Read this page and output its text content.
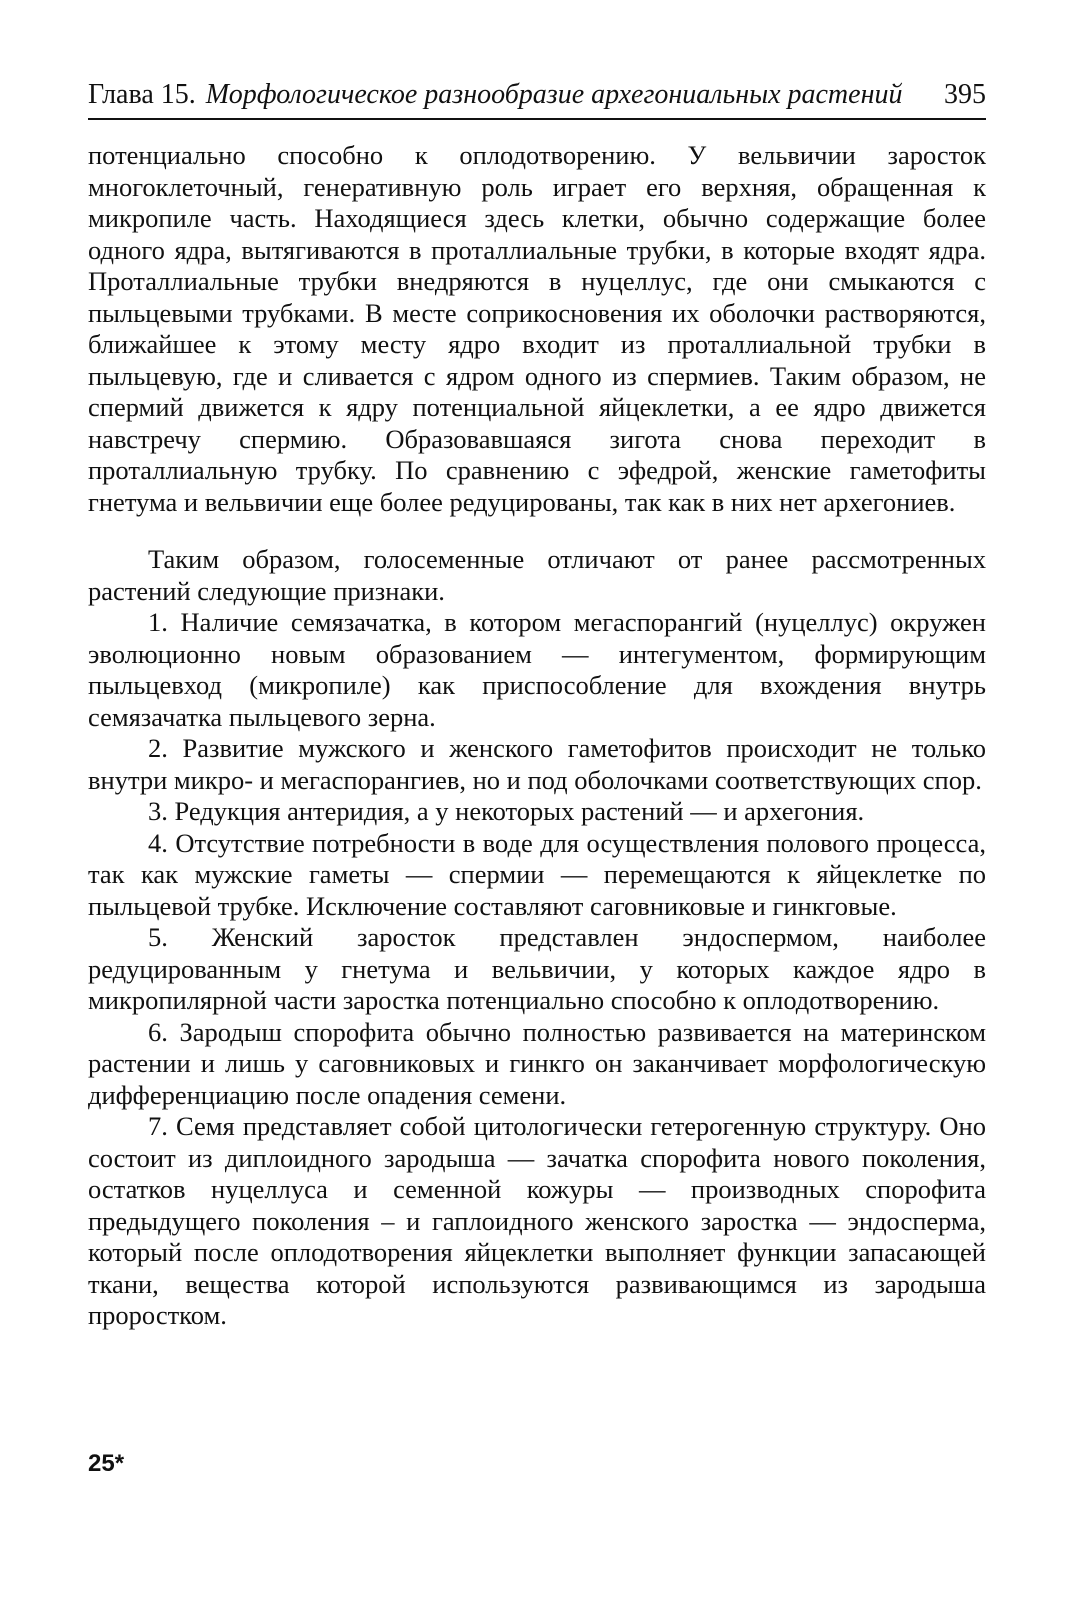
Глава 15. Морфологическое разнообразие архегониальных растений 395

потенциально способно к оплодотворению. У вельвичии заросток многоклеточный, генеративную роль играет его верхняя, обращенная к микропиле часть. Находящиеся здесь клетки, обычно содержащие более одного ядра, вытягиваются в проталлиальные трубки, в которые входят ядра. Проталлиальные трубки внедряются в нуцеллус, где они смыкаются с пыльцевыми трубками. В месте соприкосновения их оболочки растворяются, ближайшее к этому месту ядро входит из проталлиальной трубки в пыльцевую, где и сливается с ядром одного из спермиев. Таким образом, не спермий движется к ядру потенциальной яйцеклетки, а ее ядро движется навстречу спермию. Образовавшаяся зигота снова переходит в проталлиальную трубку. По сравнению с эфедрой, женские гаметофиты гнетума и вельвичии еще более редуцированы, так как в них нет архегониев.

Таким образом, голосеменные отличают от ранее рассмотренных растений следующие признаки.

1. Наличие семязачатка, в котором мегаспорангий (нуцеллус) окружен эволюционно новым образованием — интегументом, формирующим пыльцевход (микропиле) как приспособление для вхождения внутрь семязачатка пыльцевого зерна.

2. Развитие мужского и женского гаметофитов происходит не только внутри микро- и мегаспорангиев, но и под оболочками соответствующих спор.

3. Редукция антеридия, а у некоторых растений — и архегония.

4. Отсутствие потребности в воде для осуществления полового процесса, так как мужские гаметы — спермии — перемещаются к яйцеклетке по пыльцевой трубке. Исключение составляют саговниковые и гинкговые.

5. Женский заросток представлен эндоспермом, наиболее редуцированным у гнетума и вельвичии, у которых каждое ядро в микропилярной части заростка потенциально способно к оплодотворению.

6. Зародыш спорофита обычно полностью развивается на материнском растении и лишь у саговниковых и гинкго он заканчивает морфологическую дифференциацию после опадения семени.

7. Семя представляет собой цитологически гетерогенную структуру. Оно состоит из диплоидного зародыша — зачатка спорофита нового поколения, остатков нуцеллуса и семенной кожуры — производных спорофита предыдущего поколения – и гаплоидного женского заростка — эндосперма, который после оплодотворения яйцеклетки выполняет функции запасающей ткани, вещества которой используются развивающимся из зародыша проростком.

25*
